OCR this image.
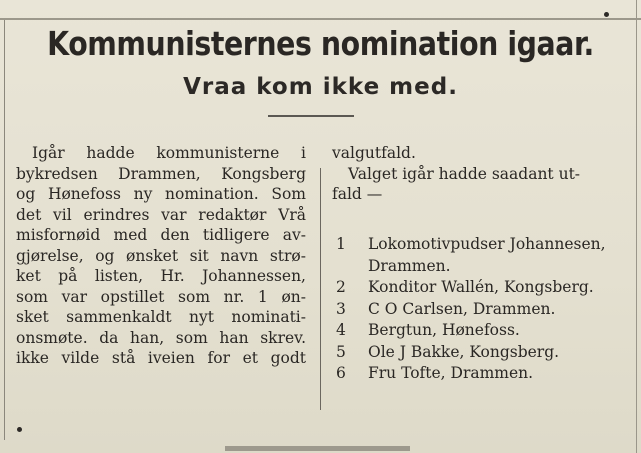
Kommunisternes nomination igaar.
Vraa kom ikke med.
Igår hadde kommunisterne i
bykredsen Drammen, Kongsberg
og Hønefoss ny nomination. Som
det vil erindres var redaktør Vrå
misfornøid med den tidligere av-
gjørelse, og ønsket sit navn strø-
ket på listen, Hr. Johannessen,
som var opstillet som nr. 1 øn-
sket sammenkaldt nyt nominati-
onsmøte. da han, som han skrev.
ikke vilde stå iveien for et godt
valgutfald.
Valget igår hadde saadant ut-
fald —
1	Lokomotivpudser Johannesen,
Drammen.
2	Konditor Wallén, Kongsberg.
3	C O Carlsen, Drammen.
4	Bergtun, Hønefoss.
5	Ole J Bakke, Kongsberg.
6	Fru Tofte, Drammen.
